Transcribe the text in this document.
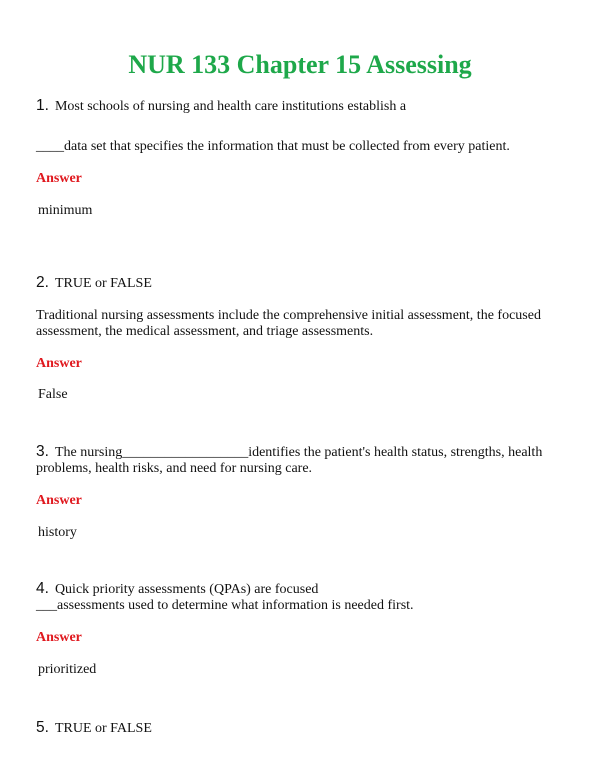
NUR 133 Chapter 15 Assessing
1. Most schools of nursing and health care institutions establish a
____data set that specifies the information that must be collected from every patient.
Answer
minimum
2. TRUE or FALSE
Traditional nursing assessments include the comprehensive initial assessment, the focused
assessment, the medical assessment, and triage assessments.
Answer
False
3. The nursing__________________identifies the patient's health status, strengths, health
problems, health risks, and need for nursing care.
Answer
history
4. Quick priority assessments (QPAs) are focused
___assessments used to determine what information is needed first.
Answer
prioritized
5. TRUE or FALSE
